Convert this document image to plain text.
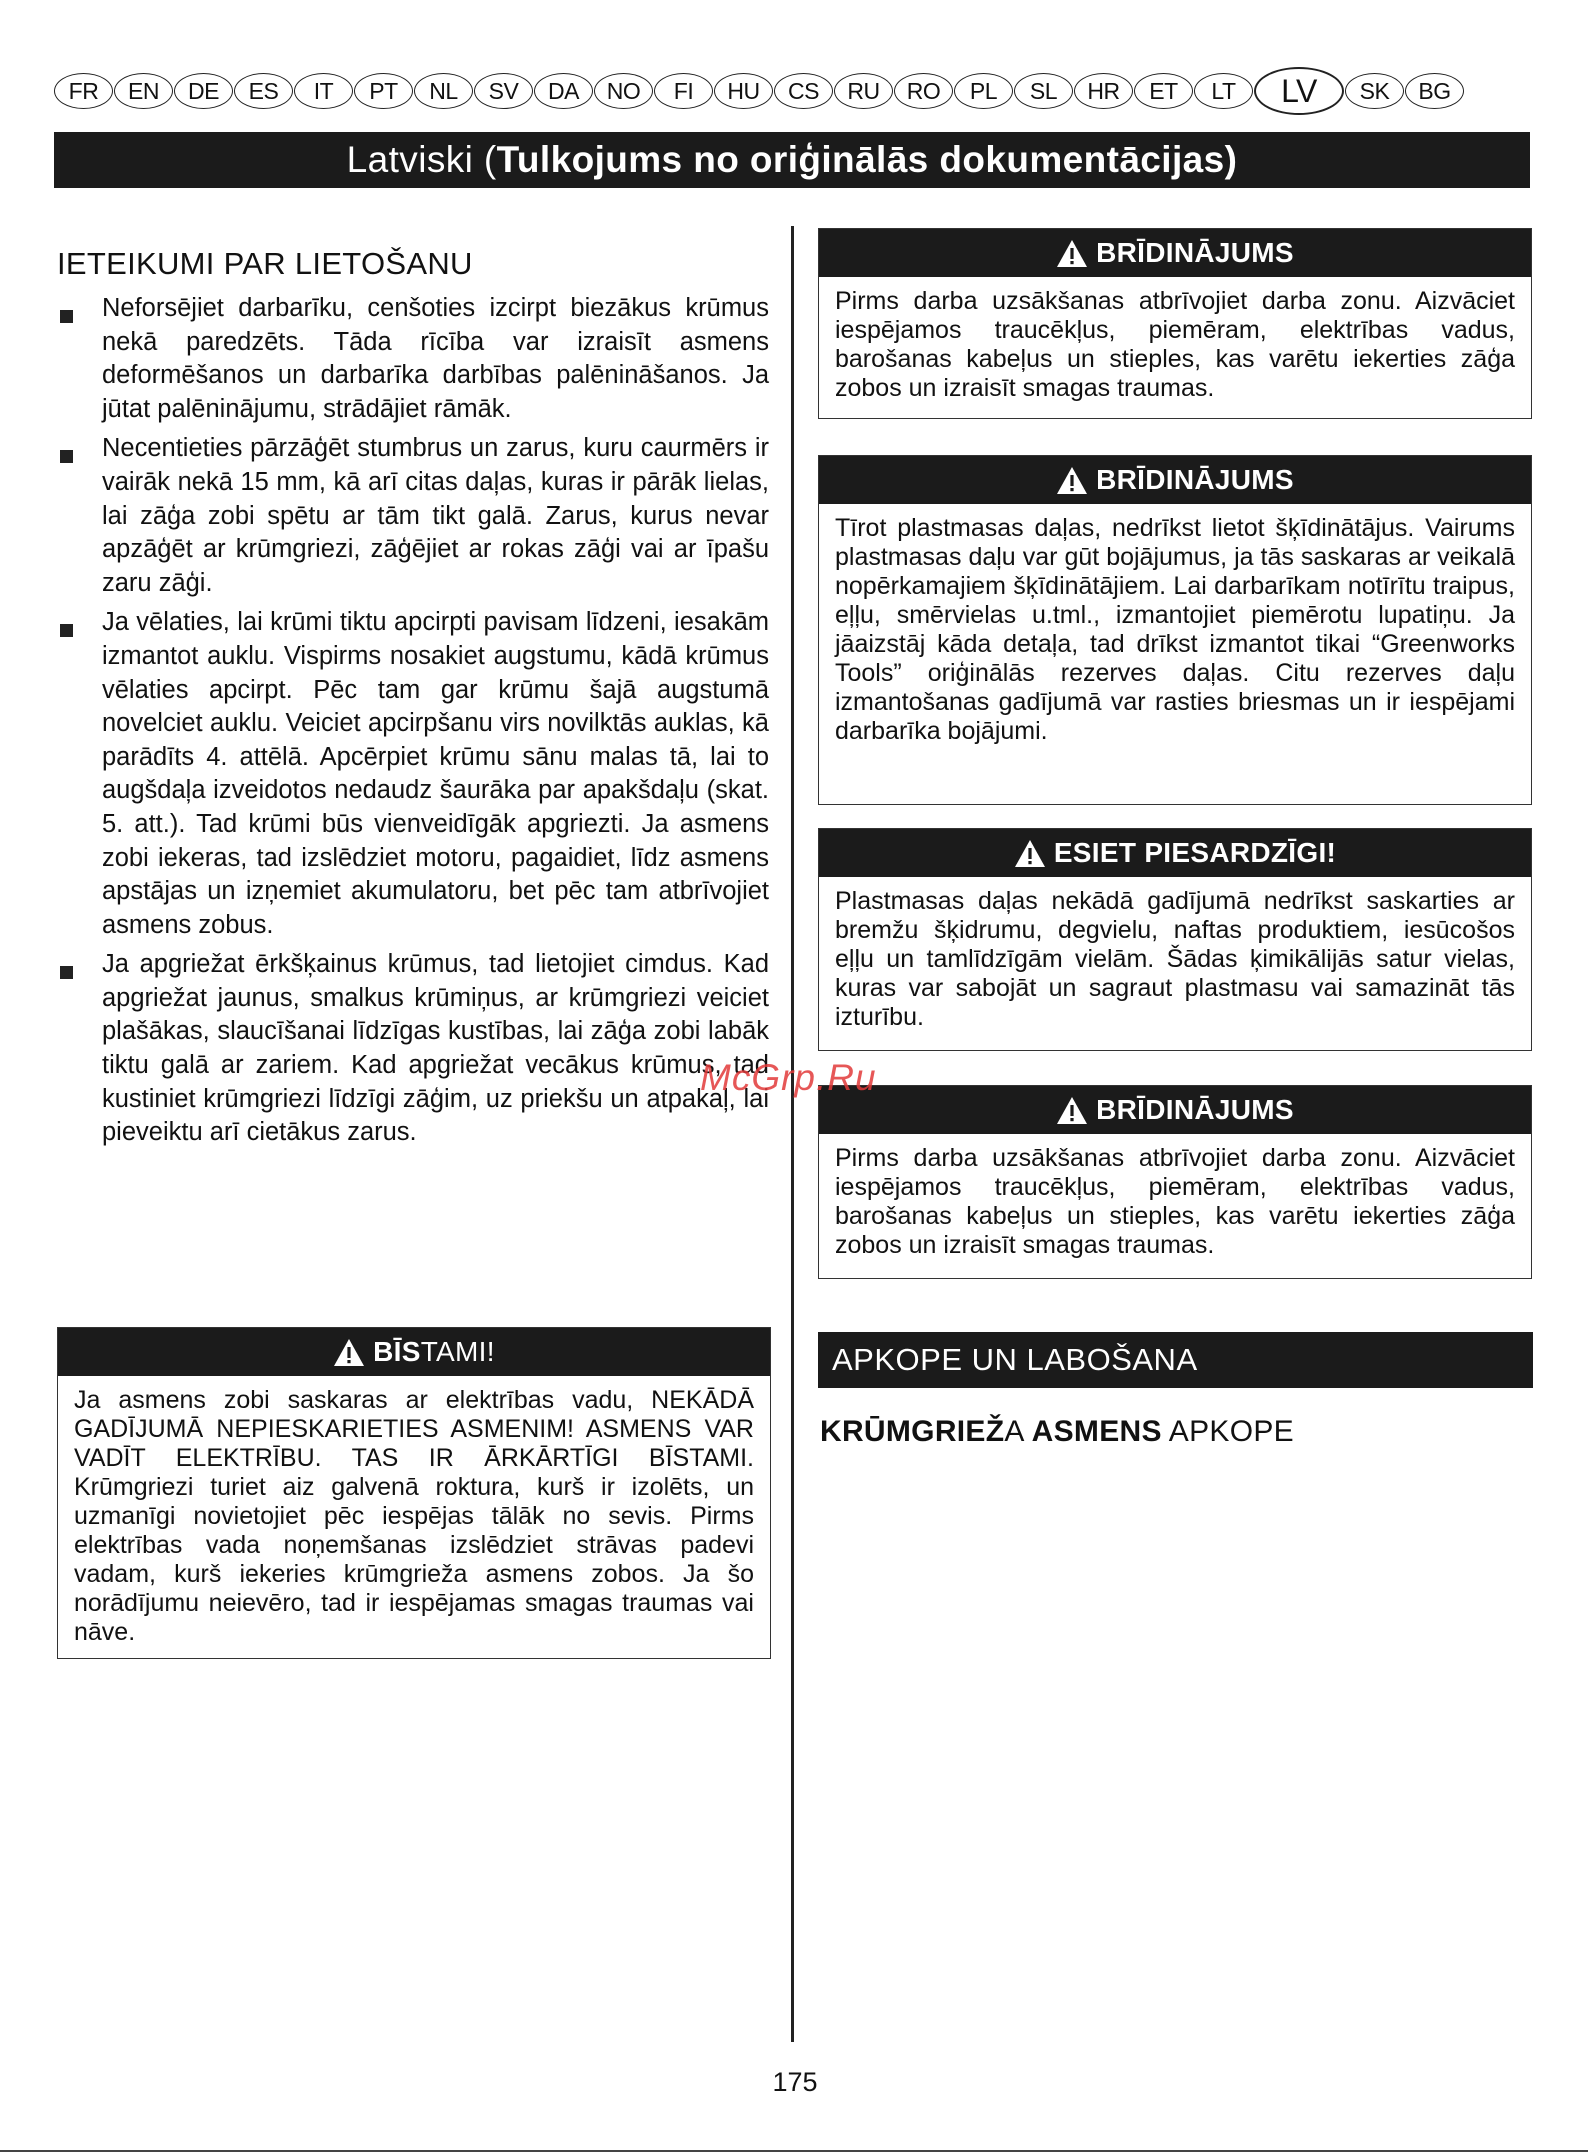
FR	EN	DE	ES	IT	PT	NL	SV	DA	NO	FI	HU	CS	RU	RO	PL	SL	HR	ET	LT	LV	SK	BG
Latviski ( Tulkojums no oriģinālās dokumentācijas)
IETEIKUMI PAR LIETOŠANU
Neforsējiet darbarīku, cenšoties izcirpt biezākus krūmus nekā paredzēts. Tāda rīcība var izraisīt asmens deformēšanos un darbarīka darbības palēnināšanos. Ja jūtat palēninājumu, strādājiet rāmāk.
Necentieties pārzāģēt stumbrus un zarus, kuru caurmērs ir vairāk nekā 15 mm, kā arī citas daļas, kuras ir pārāk lielas, lai zāģa zobi spētu ar tām tikt galā. Zarus, kurus nevar apzāģēt ar krūmgriezi, zāģējiet ar rokas zāģi vai ar īpašu zaru zāģi.
Ja vēlaties, lai krūmi tiktu apcirpti pavisam līdzeni, iesakām izmantot auklu. Vispirms nosakiet augstumu, kādā krūmus vēlaties apcirpt. Pēc tam gar krūmu šajā augstumā novelciet auklu. Veiciet apcirpšanu virs novilktās auklas, kā parādīts 4. attēlā. Apcērpiet krūmu sānu malas tā, lai to augšdaļa izveidotos nedaudz šaurāka par apakšdaļu (skat. 5. att.). Tad krūmi būs vienveidīgāk apgriezti. Ja asmens zobi iekeras, tad izslēdziet motoru, pagaidiet, līdz asmens apstājas un izņemiet akumulatoru, bet pēc tam atbrīvojiet asmens zobus.
Ja apgriežat ērkšķainus krūmus, tad lietojiet cimdus. Kad apgriežat jaunus, smalkus krūmiņus, ar krūmgriezi veiciet plašākas, slaucīšanai līdzīgas kustības, lai zāģa zobi labāk tiktu galā ar zariem. Kad apgriežat vecākus krūmus, tad kustiniet krūmgriezi līdzīgi zāģim, uz priekšu un atpakaļ, lai pieveiktu arī cietākus zarus.
BĪSTAMI!
Ja asmens zobi saskaras ar elektrības vadu, NEKĀDĀ GADĪJUMĀ NEPIESKARIETIES ASMENIM! ASMENS VAR VADĪT ELEKTRĪBU. TAS IR ĀRKĀRTĪGI BĪSTAMI. Krūmgriezi turiet aiz galvenā roktura, kurš ir izolēts, un uzmanīgi novietojiet pēc iespējas tālāk no sevis. Pirms elektrības vada noņemšanas izslēdziet strāvas padevi vadam, kurš iekeries krūmgrieža asmens zobos. Ja šo norādījumu neievēro, tad ir iespējamas smagas traumas vai nāve.
BRĪDINĀJUMS
Pirms darba uzsākšanas atbrīvojiet darba zonu. Aizvāciet iespējamos traucēkļus, piemēram, elektrības vadus, barošanas kabeļus un stieples, kas varētu iekerties zāģa zobos un izraisīt smagas traumas.
BRĪDINĀJUMS
Tīrot plastmasas daļas, nedrīkst lietot šķīdinātājus. Vairums plastmasas daļu var gūt bojājumus, ja tās saskaras ar veikalā nopērkamajiem šķīdinātājiem. Lai darbarīkam notīrītu traipus, eļļu, smērvielas u.tml., izmantojiet piemērotu lupatiņu. Ja jāaizstāj kāda detaļa, tad drīkst izmantot tikai “Greenworks Tools” oriģinālās rezerves daļas. Citu rezerves daļu izmantošanas gadījumā var rasties briesmas un ir iespējami darbarīka bojājumi.
ESIET PIESARDZĪGI!
Plastmasas daļas nekādā gadījumā nedrīkst saskarties ar bremžu šķidrumu, degvielu, naftas produktiem, iesūcošos eļļu un tamlīdzīgām vielām. Šādas ķimikālijās satur vielas, kuras var sabojāt un sagraut plastmasu vai samazināt tās izturību.
BRĪDINĀJUMS
Pirms darba uzsākšanas atbrīvojiet darba zonu. Aizvāciet iespējamos traucēkļus, piemēram, elektrības vadus, barošanas kabeļus un stieples, kas varētu iekerties zāģa zobos un izraisīt smagas traumas.
APKOPE UN LABOŠANA
KRŪMGRIEŽA ASMENS APKOPE
McGrp.Ru
175
